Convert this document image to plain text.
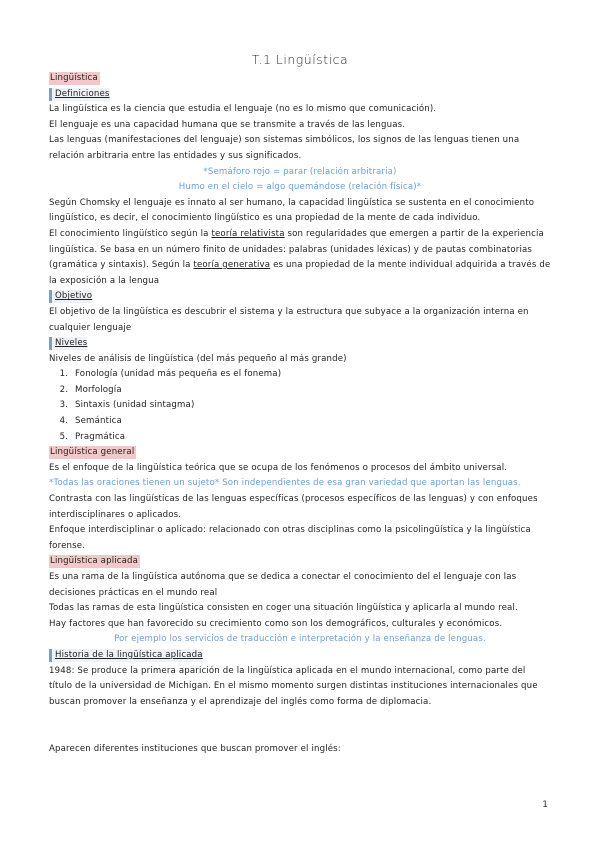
T.1 Lingüística

Lingüística

Definiciones

La lingüística es la ciencia que estudia el lenguaje (no es lo mismo que comunicación).

El lenguaje es una capacidad humana que se transmite a través de las lenguas.

Las lenguas (manifestaciones del lenguaje) son sistemas simbólicos, los signos de las lenguas tienen una relación arbitraria entre las entidades y sus significados.

*Semáforo rojo = parar (relación arbitraria)

Humo en el cielo = algo quemándose (relación física)*

Según Chomsky el lenguaje es innato al ser humano, la capacidad lingüística se sustenta en el conocimiento lingüístico, es decir, el conocimiento lingüístico es una propiedad de la mente de cada individuo.

El conocimiento lingüístico según la teoría relativista son regularidades que emergen a partir de la experiencia lingüística. Se basa en un número finito de unidades: palabras (unidades léxicas) y de pautas combinatorias (gramática y sintaxis). Según la teoría generativa es una propiedad de la mente individual adquirida a través de la exposición a la lengua

Objetivo

El objetivo de la lingüística es descubrir el sistema y la estructura que subyace a la organización interna en cualquier lenguaje

Niveles

Niveles de análisis de lingüística (del más pequeño al más grande)

1. Fonología (unidad más pequeña es el fonema)
2. Morfología
3. Sintaxis (unidad sintagma)
4. Semántica
5. Pragmática

Lingüística general

Es el enfoque de la lingüística teórica que se ocupa de los fenómenos o procesos del ámbito universal.

*Todas las oraciones tienen un sujeto* Son independientes de esa gran variedad que aportan las lenguas.

Contrasta con las lingüísticas de las lenguas específicas (procesos específicos de las lenguas) y con enfoques interdisciplinares o aplicados.

Enfoque interdisciplinar o aplicado: relacionado con otras disciplinas como la psicolingüística y la lingüística forense.

Lingüística aplicada

Es una rama de la lingüística autónoma que se dedica a conectar el conocimiento del el lenguaje con las decisiones prácticas en el mundo real

Todas las ramas de esta lingüística consisten en coger una situación lingüística y aplicarla al mundo real.

Hay factores que han favorecido su crecimiento como son los demográficos, culturales y económicos.

Por ejemplo los servicios de traducción e interpretación y la enseñanza de lenguas.

Historia de la lingüística aplicada

1948: Se produce la primera aparición de la lingüística aplicada en el mundo internacional, como parte del título de la universidad de Michigan. En el mismo momento surgen distintas instituciones internacionales que buscan promover la enseñanza y el aprendizaje del inglés como forma de diplomacia.

Aparecen diferentes instituciones que buscan promover el inglés:

1
